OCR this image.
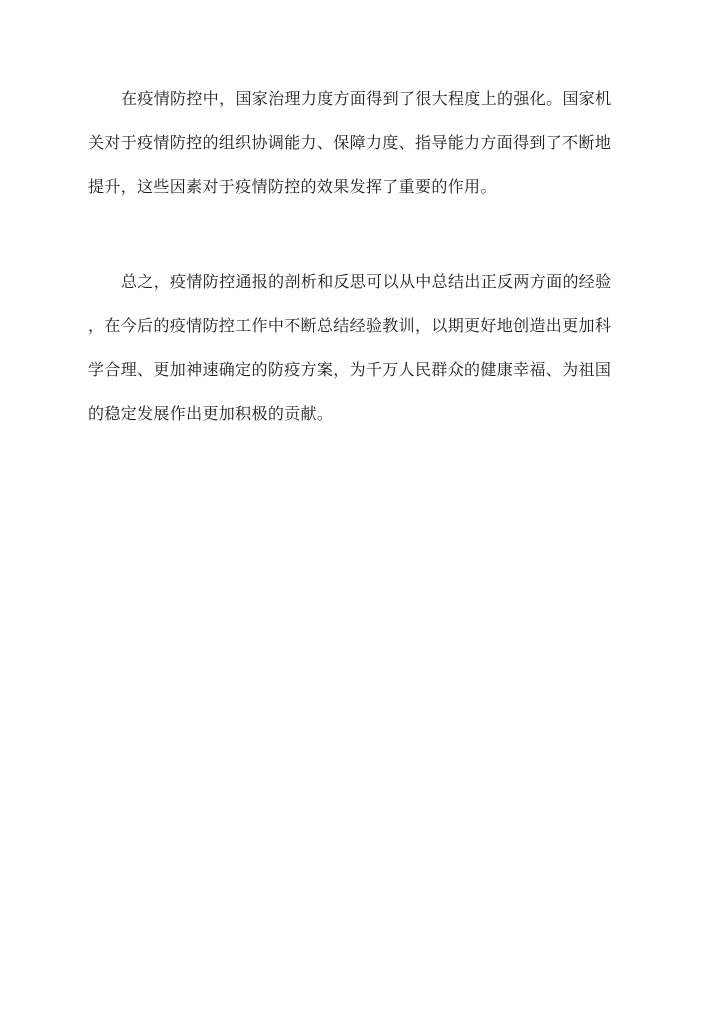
在疫情防控中，国家治理力度方面得到了很大程度上的强化。国家机
关对于疫情防控的组织协调能力、保障力度、指导能力方面得到了不断地
提升，这些因素对于疫情防控的效果发挥了重要的作用。
总之，疫情防控通报的剖析和反思可以从中总结出正反两方面的经验
，在今后的疫情防控工作中不断总结经验教训，以期更好地创造出更加科
学合理、更加神速确定的防疫方案，为千万人民群众的健康幸福、为祖国
的稳定发展作出更加积极的贡献。
